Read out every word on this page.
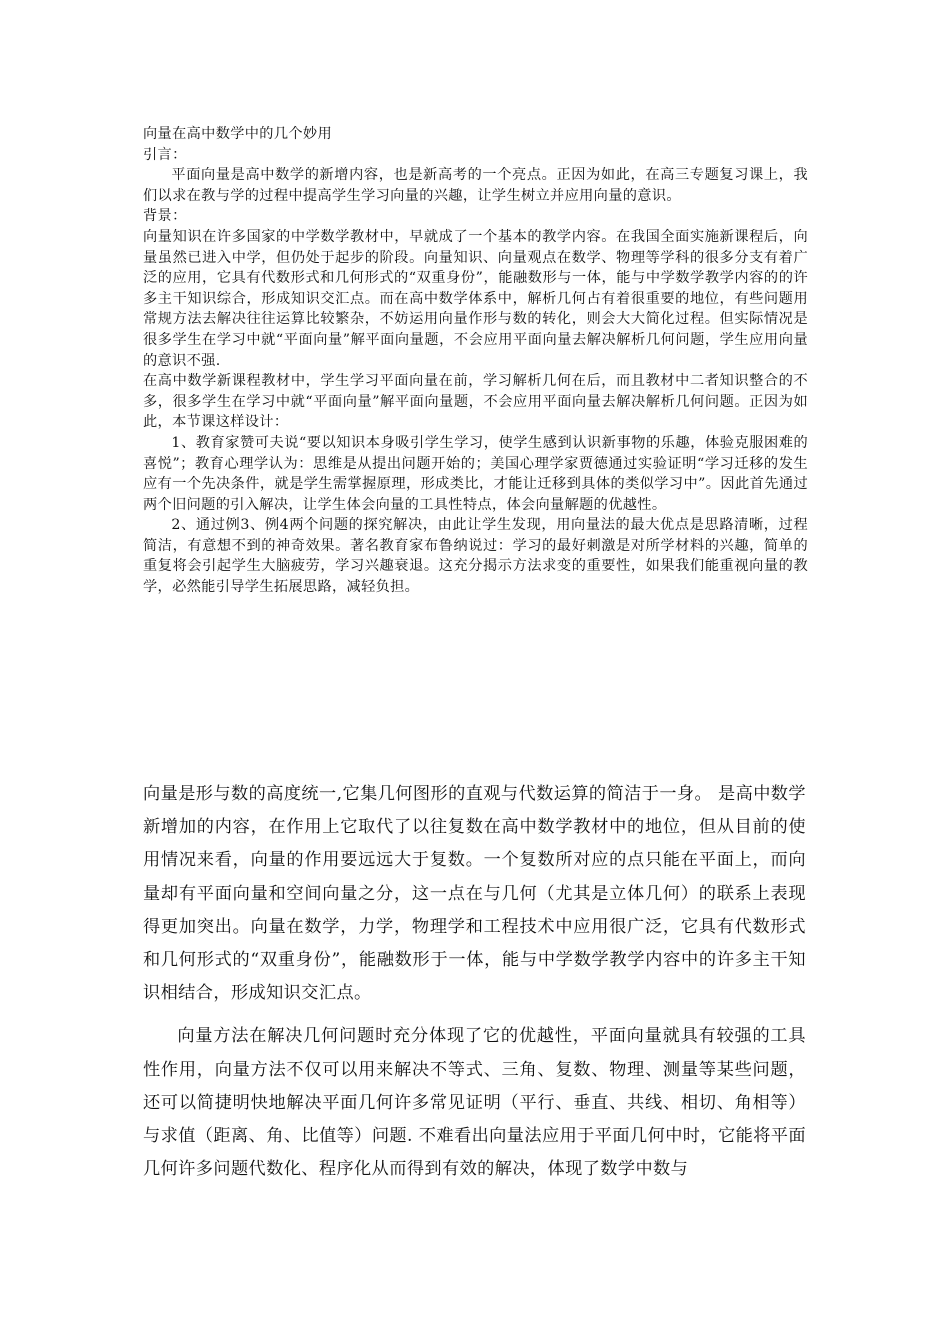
向量在高中数学中的几个妙用

引言：

平面向量是高中数学的新增内容，也是新高考的一个亮点。正因为如此，在高三专题复习课上，我们以求在教与学的过程中提高学生学习向量的兴趣，让学生树立并应用向量的意识。

背景：

向量知识在许多国家的中学数学教材中，早就成了一个基本的教学内容。在我国全面实施新课程后，向量虽然已进入中学，但仍处于起步的阶段。向量知识、向量观点在数学、物理等学科的很多分支有着广泛的应用，它具有代数形式和几何形式的“双重身份”，能融数形与一体，能与中学数学教学内容的的许多主干知识综合，形成知识交汇点。而在高中数学体系中，解析几何占有着很重要的地位，有些问题用常规方法去解决往往运算比较繁杂，不妨运用向量作形与数的转化，则会大大简化过程。但实际情况是很多学生在学习中就“平面向量”解平面向量题，不会应用平面向量去解决解析几何问题，学生应用向量的意识不强.

在高中数学新课程教材中，学生学习平面向量在前，学习解析几何在后，而且教材中二者知识整合的不多，很多学生在学习中就“平面向量”解平面向量题，不会应用平面向量去解决解析几何问题。正因为如此，本节课这样设计：

1、教育家赞可夫说“要以知识本身吸引学生学习，使学生感到认识新事物的乐趣，体验克服困难的喜悦”；教育心理学认为：思维是从提出问题开始的；美国心理学家贾德通过实验证明“学习迁移的发生应有一个先决条件，就是学生需掌握原理，形成类比，才能让迁移到具体的类似学习中”。因此首先通过两个旧问题的引入解决，让学生体会向量的工具性特点，体会向量解题的优越性。

2、通过例3、例4两个问题的探究解决，由此让学生发现，用向量法的最大优点是思路清晰，过程简洁，有意想不到的神奇效果。著名教育家布鲁纳说过：学习的最好刺激是对所学材料的兴趣，简单的重复将会引起学生大脑疲劳，学习兴趣衰退。这充分揭示方法求变的重要性，如果我们能重视向量的教学，必然能引导学生拓展思路，减轻负担。

向量是形与数的高度统一,它集几何图形的直观与代数运算的简洁于一身。 是高中数学新增加的内容，在作用上它取代了以往复数在高中数学教材中的地位，但从目前的使用情况来看，向量的作用要远远大于复数。一个复数所对应的点只能在平面上，而向量却有平面向量和空间向量之分，这一点在与几何（尤其是立体几何）的联系上表现得更加突出。向量在数学，力学，物理学和工程技术中应用很广泛，它具有代数形式和几何形式的“双重身份”，能融数形于一体，能与中学数学教学内容中的许多主干知识相结合，形成知识交汇点。

向量方法在解决几何问题时充分体现了它的优越性，平面向量就具有较强的工具性作用，向量方法不仅可以用来解决不等式、三角、复数、物理、测量等某些问题，还可以简捷明快地解决平面几何许多常见证明（平行、垂直、共线、相切、角相等）与求值（距离、角、比值等）问题. 不难看出向量法应用于平面几何中时，它能将平面几何许多问题代数化、程序化从而得到有效的解决，体现了数学中数与
